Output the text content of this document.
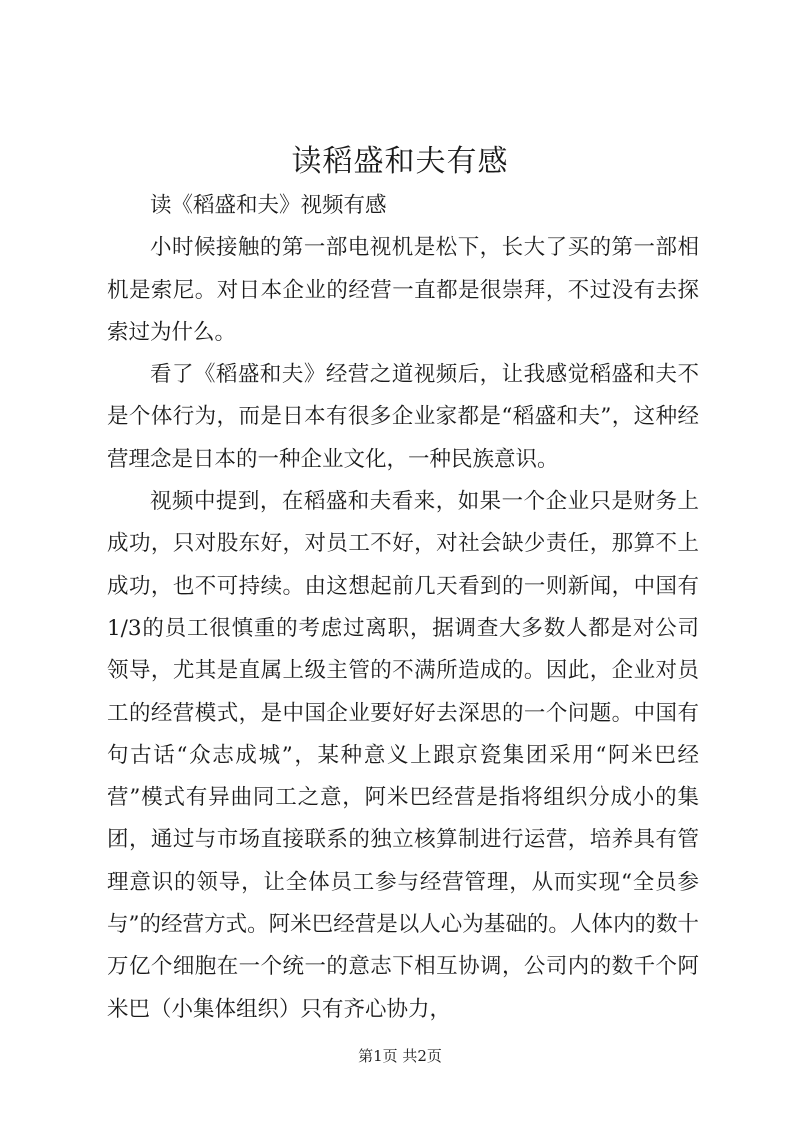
读稻盛和夫有感

读《稻盛和夫》视频有感

小时候接触的第一部电视机是松下，长大了买的第一部相机是索尼。对日本企业的经营一直都是很崇拜，不过没有去探索过为什么。

看了《稻盛和夫》经营之道视频后，让我感觉稻盛和夫不是个体行为，而是日本有很多企业家都是“稻盛和夫”，这种经营理念是日本的一种企业文化，一种民族意识。

视频中提到，在稻盛和夫看来，如果一个企业只是财务上成功，只对股东好，对员工不好，对社会缺少责任，那算不上成功，也不可持续。由这想起前几天看到的一则新闻，中国有1/3的员工很慎重的考虑过离职，据调查大多数人都是对公司领导，尤其是直属上级主管的不满所造成的。因此，企业对员工的经营模式，是中国企业要好好去深思的一个问题。中国有句古话“众志成城”，某种意义上跟京瓷集团采用“阿米巴经营”模式有异曲同工之意，阿米巴经营是指将组织分成小的集团，通过与市场直接联系的独立核算制进行运营，培养具有管理意识的领导，让全体员工参与经营管理，从而实现“全员参与”的经营方式。阿米巴经营是以人心为基础的。人体内的数十万亿个细胞在一个统一的意志下相互协调，公司内的数千个阿米巴（小集体组织）只有齐心协力，

第1页 共2页
